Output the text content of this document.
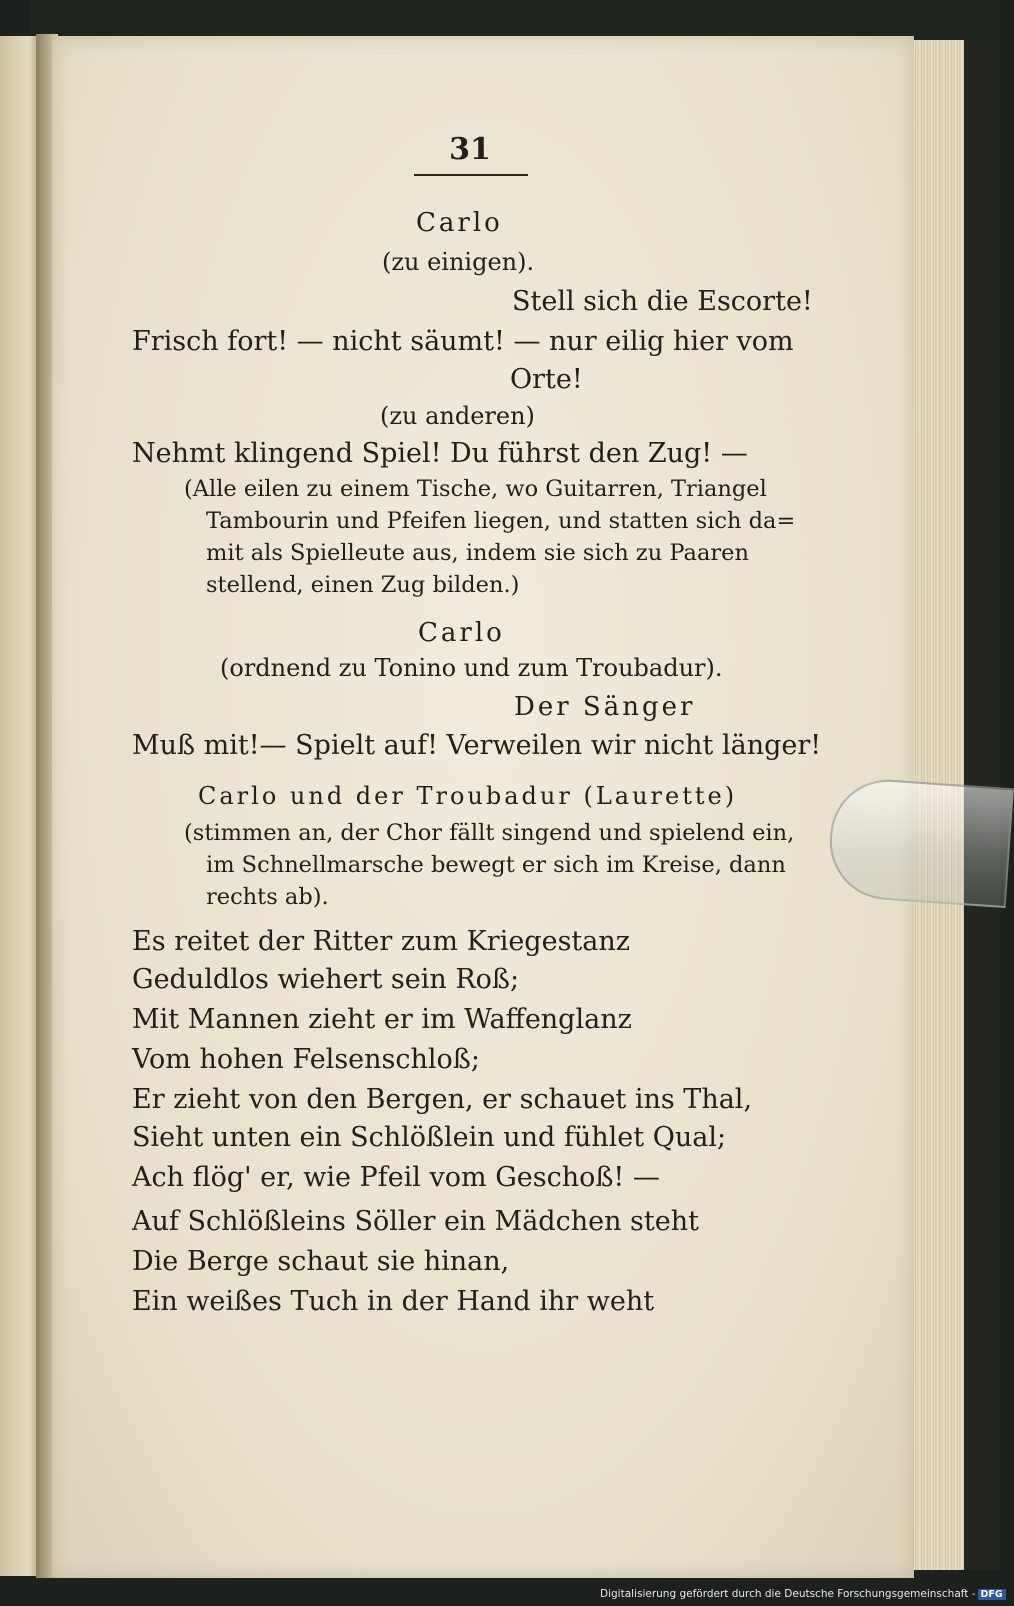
31
Carlo
(zu einigen).
Stell sich die Escorte!
Frisch fort! — nicht säumt! — nur eilig hier vom
Orte!
(zu anderen)
Nehmt klingend Spiel! Du führst den Zug! —
(Alle eilen zu einem Tische, wo Guitarren, Triangel
Tambourin und Pfeifen liegen, und statten sich da=
mit als Spielleute aus, indem sie sich zu Paaren
stellend, einen Zug bilden.)
Carlo
(ordnend zu Tonino und zum Troubadur).
Der Sänger
Muß mit!— Spielt auf! Verweilen wir nicht länger!
Carlo und der Troubadur (Laurette)
(stimmen an, der Chor fällt singend und spielend ein,
im Schnellmarsche bewegt er sich im Kreise, dann
rechts ab).
Es reitet der Ritter zum Kriegestanz
Geduldlos wiehert sein Roß;
Mit Mannen zieht er im Waffenglanz
Vom hohen Felsenschloß;
Er zieht von den Bergen, er schauet ins Thal,
Sieht unten ein Schlößlein und fühlet Qual;
Ach flög' er, wie Pfeil vom Geschoß! —
Auf Schlößleins Söller ein Mädchen steht
Die Berge schaut sie hinan,
Ein weißes Tuch in der Hand ihr weht
Digitalisierung gefördert durch die Deutsche Forschungsgemeinschaft - DFG
